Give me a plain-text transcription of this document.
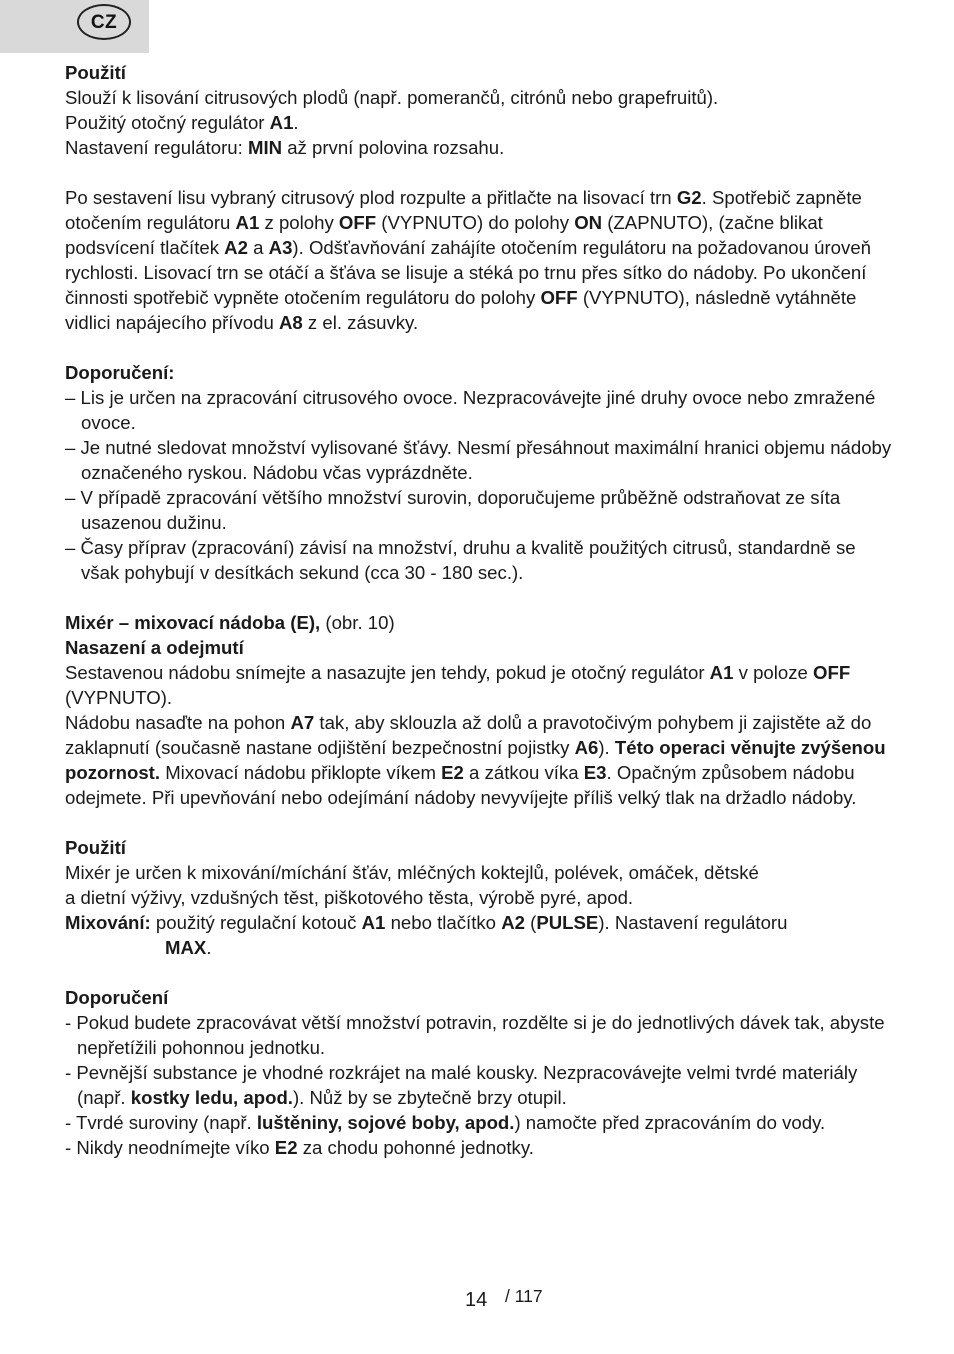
CZ

Použití

Slouží k lisování citrusových plodů (např. pomerančů, citrónů nebo grapefruitů).

Použitý otočný regulátor A1.

Nastavení regulátoru: MIN až první polovina rozsahu.

Po sestavení lisu vybraný citrusový plod rozpulte a přitlačte na lisovací trn G2. Spotřebič zapněte otočením regulátoru A1 z polohy OFF (VYPNUTO) do polohy ON (ZAPNUTO), (začne blikat podsvícení tlačítek A2 a A3). Odšťavňování zahájíte otočením regulátoru na požadovanou úroveň rychlosti. Lisovací trn se otáčí a šťáva se lisuje a stéká po trnu přes sítko do nádoby. Po ukončení činnosti spotřebič vypněte otočením regulátoru do polohy OFF (VYPNUTO), následně vytáhněte vidlici napájecího přívodu A8 z el. zásuvky.

Doporučení:

– Lis je určen na zpracování citrusového ovoce. Nezpracovávejte jiné druhy ovoce nebo zmražené ovoce.

– Je nutné sledovat množství vylisované šťávy. Nesmí přesáhnout maximální hranici objemu nádoby označeného ryskou. Nádobu včas vyprázdněte.

– V případě zpracování většího množství surovin, doporučujeme průběžně odstraňovat ze síta usazenou dužinu.

– Časy příprav (zpracování) závisí na množství, druhu a kvalitě použitých citrusů, standardně se však pohybují v desítkách sekund (cca 30 - 180 sec.).

Mixér – mixovací nádoba (E), (obr. 10)

Nasazení a odejmutí

Sestavenou nádobu snímejte a nasazujte jen tehdy, pokud je otočný regulátor A1 v poloze OFF (VYPNUTO).

Nádobu nasaďte na pohon A7 tak, aby sklouzla až dolů a pravotočivým pohybem ji zajistěte až do zaklapnutí (současně nastane odjištění bezpečnostní pojistky A6). Této operaci věnujte zvýšenou pozornost. Mixovací nádobu přiklopte víkem E2 a zátkou víka E3. Opačným způsobem nádobu odejmete. Při upevňování nebo odejímání nádoby nevyvíjejte příliš velký tlak na držadlo nádoby.

Použití

Mixér je určen k mixování/míchání šťáv, mléčných koktejlů, polévek, omáček, dětské

a dietní výživy, vzdušných těst, piškotového těsta, výrobě pyré, apod.

Mixování: použitý regulační kotouč A1 nebo tlačítko A2 (PULSE). Nastavení regulátoru

MAX.

Doporučení

- Pokud budete zpracovávat větší množství potravin, rozdělte si je do jednotlivých dávek tak, abyste nepřetížili pohonnou jednotku.

- Pevnější substance je vhodné rozkrájet na malé kousky. Nezpracovávejte velmi tvrdé materiály (např. kostky ledu, apod.). Nůž by se zbytečně brzy otupil.

- Tvrdé suroviny (např. luštěniny, sojové boby, apod.) namočte před zpracováním do vody.

- Nikdy neodnímejte víko E2 za chodu pohonné jednotky.

14 / 117
